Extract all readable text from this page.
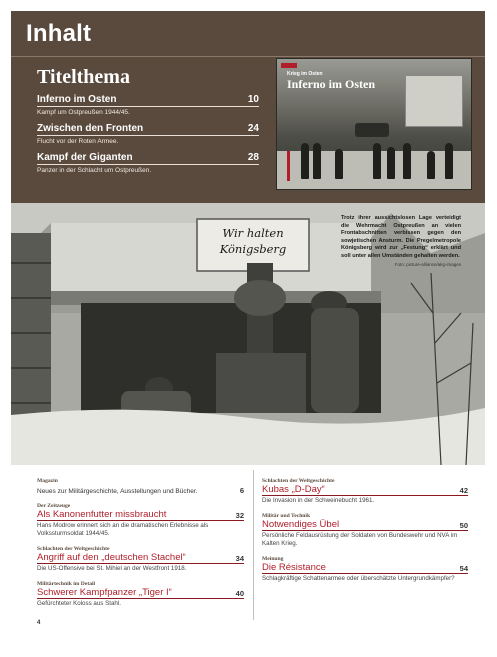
Inhalt
Titelthema
Inferno im Osten	10
Kampf um Ostpreußen 1944/45.
Zwischen den Fronten	24
Flucht vor der Roten Armee.
Kampf der Giganten	28
Panzer in der Schlacht um Ostpreußen.
Krieg im Osten
Inferno im Osten
Wir halten
Königsberg
Trotz ihrer aussichtslosen Lage verteidigt die Wehrmacht Ostpreußen an vielen Frontabschnitten verbissen gegen den sowjetischen Ansturm. Die Pregelmetropole Königsberg wird zur „Festung“ erklärt und soll unter allen Umständen gehalten werden.
Foto: picture-alliance/akg-images
Magazin
Neues zur Militärgeschichte, Ausstellungen und Bücher.	6
Der Zeitzeuge
Als Kanonenfutter missbraucht	32
Hans Modrow erinnert sich an die dramatischen Erlebnisse als Volkssturmsoldat 1944/45.
Schlachten der Weltgeschichte
Angriff auf den „deutschen Stachel“	34
Die US-Offensive bei St. Mihiel an der Westfront 1918.
Militärtechnik im Detail
Schwerer Kampfpanzer „Tiger I“	40
Gefürchteter Koloss aus Stahl.
Schlachten der Weltgeschichte
Kubas „D-Day“	42
Die Invasion in der Schweinebucht 1961.
Militär und Technik
Notwendiges Übel	50
Persönliche Feldausrüstung der Soldaten von Bundeswehr und NVA im Kalten Krieg.
Meinung
Die Résistance	54
Schlagkräftige Schattenarmee oder überschätzte Untergrundkämpfer?
4
